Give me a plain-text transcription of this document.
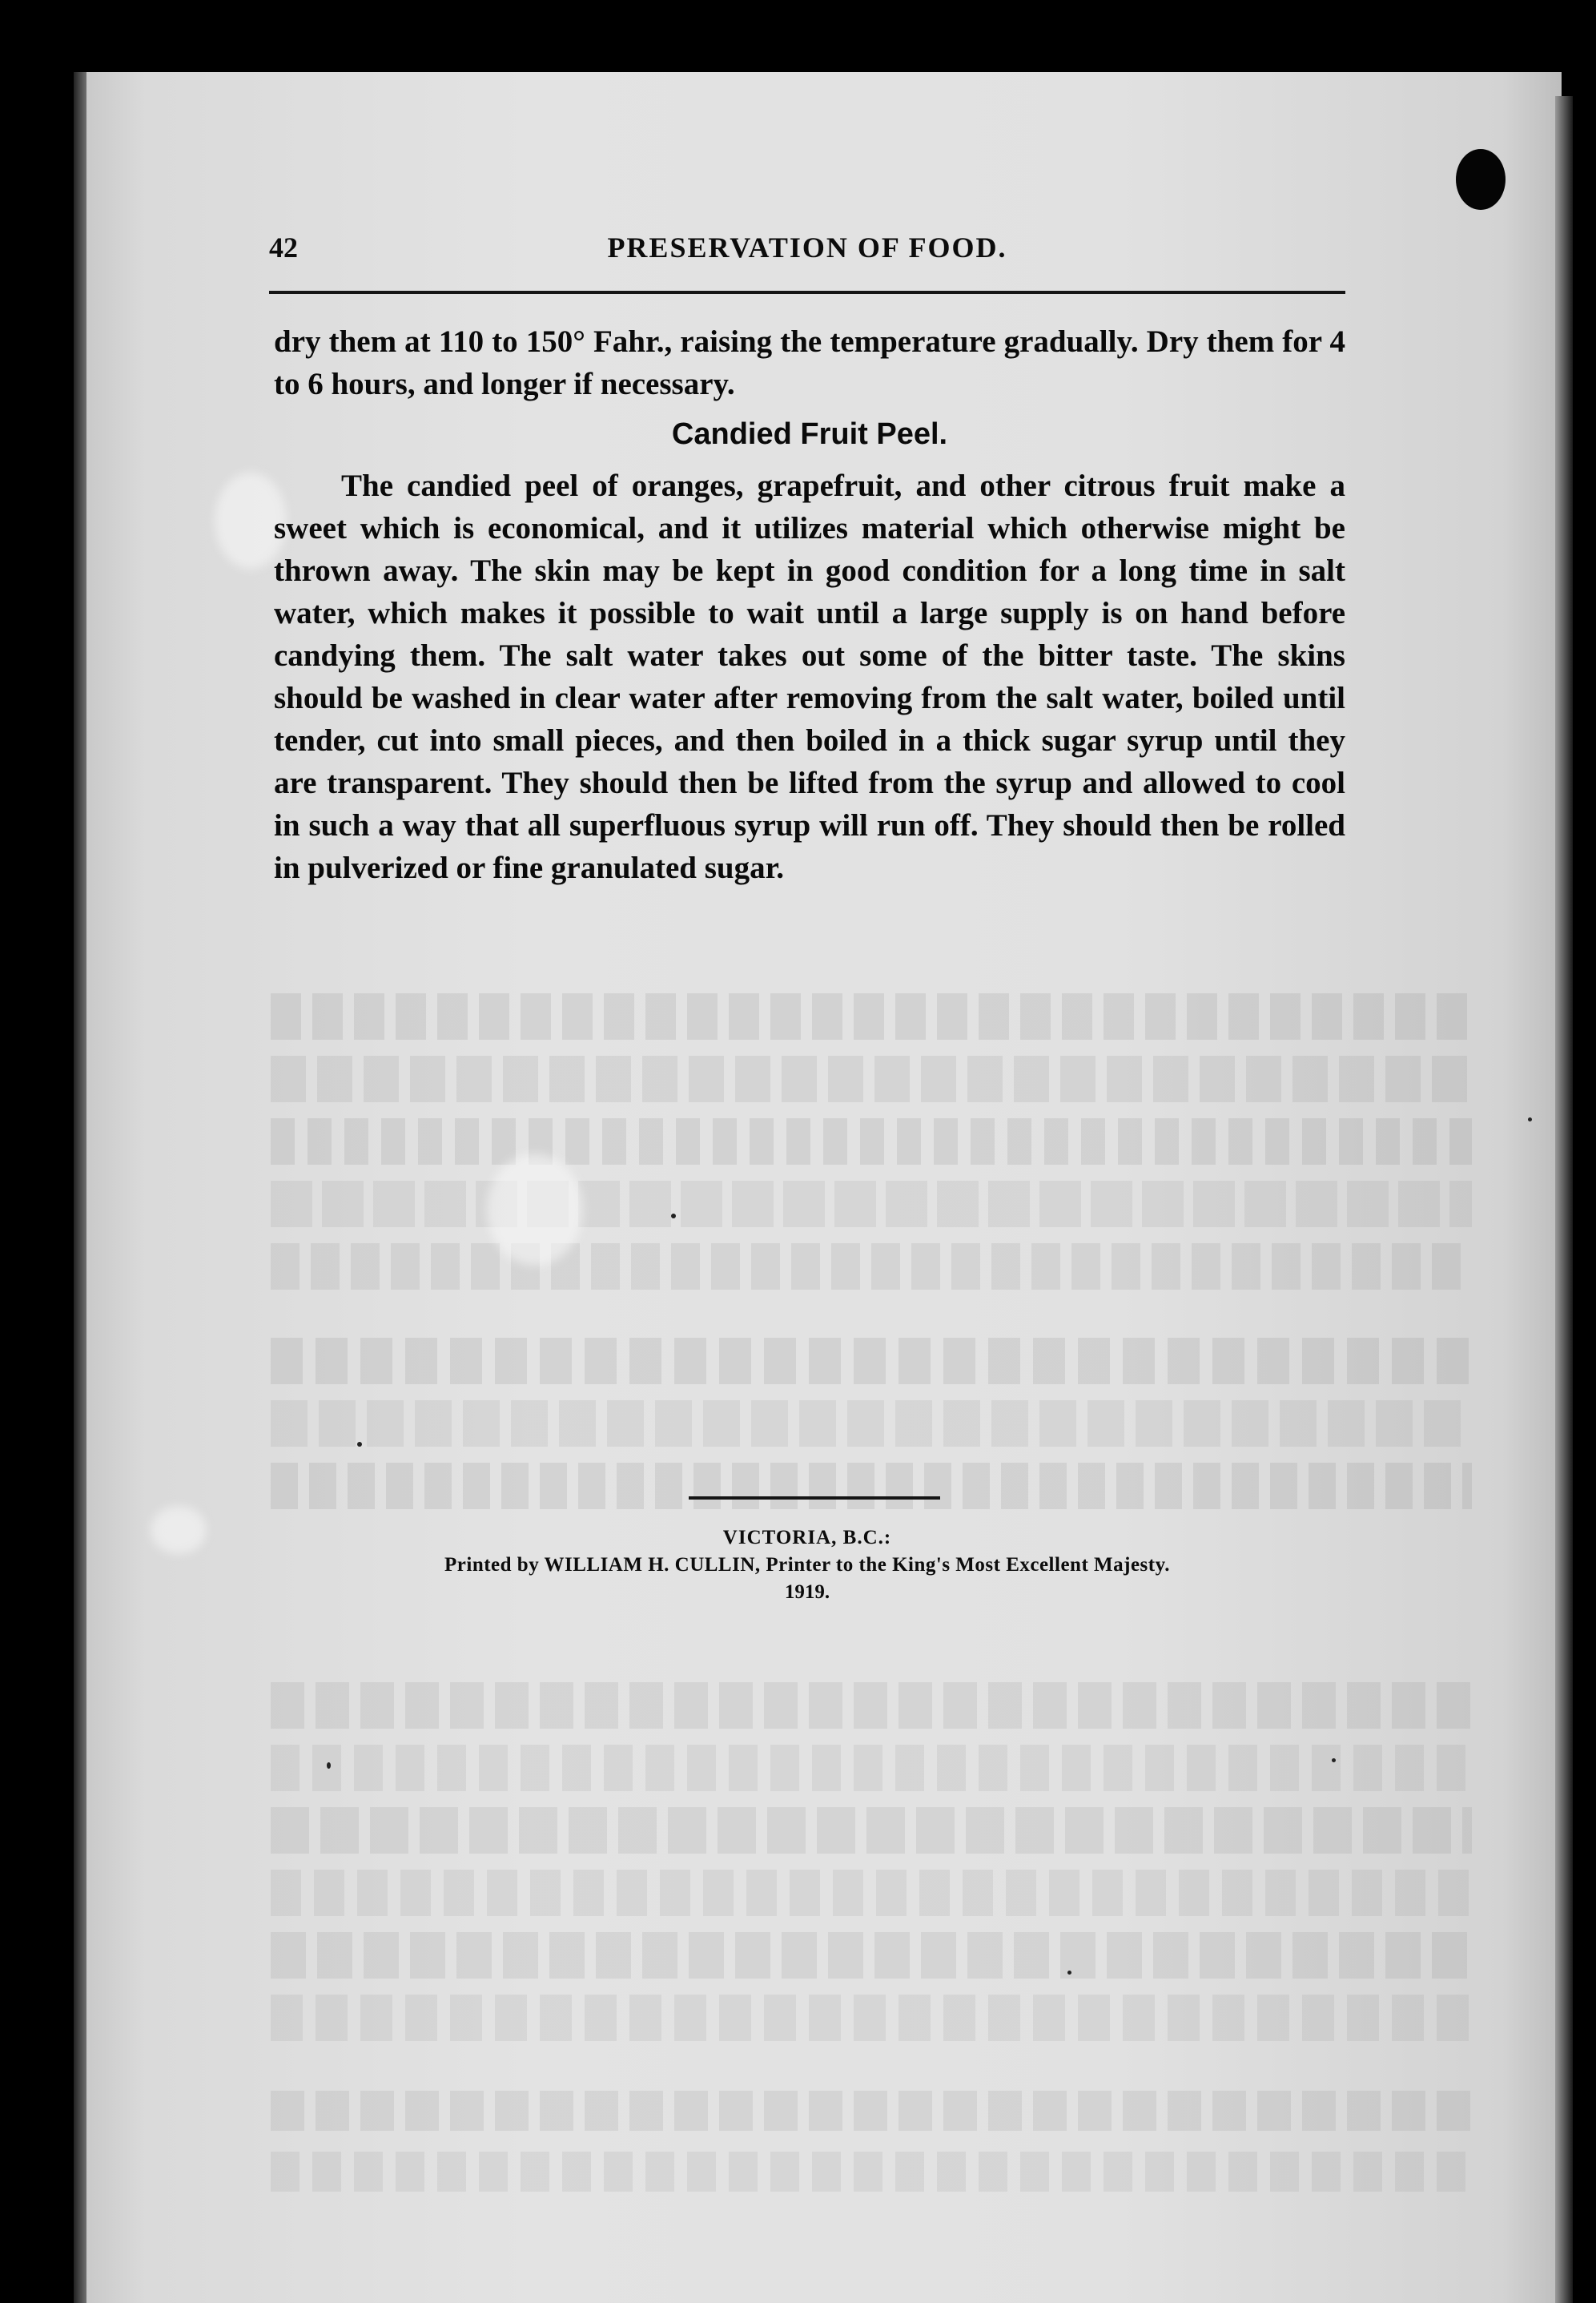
42	PRESERVATION OF FOOD.

dry them at 110 to 150° Fahr., raising the temperature gradually. Dry them for 4 to 6 hours, and longer if necessary.

Candied Fruit Peel.

The candied peel of oranges, grapefruit, and other citrous fruit make a sweet which is economical, and it utilizes material which otherwise might be thrown away. The skin may be kept in good condition for a long time in salt water, which makes it possible to wait until a large supply is on hand before candying them. The salt water takes out some of the bitter taste. The skins should be washed in clear water after removing from the salt water, boiled until tender, cut into small pieces, and then boiled in a thick sugar syrup until they are transparent. They should then be lifted from the syrup and allowed to cool in such a way that all superfluous syrup will run off. They should then be rolled in pulverized or fine granulated sugar.

VICTORIA, B.C.:
Printed by WILLIAM H. CULLIN, Printer to the King's Most Excellent Majesty.
1919.
